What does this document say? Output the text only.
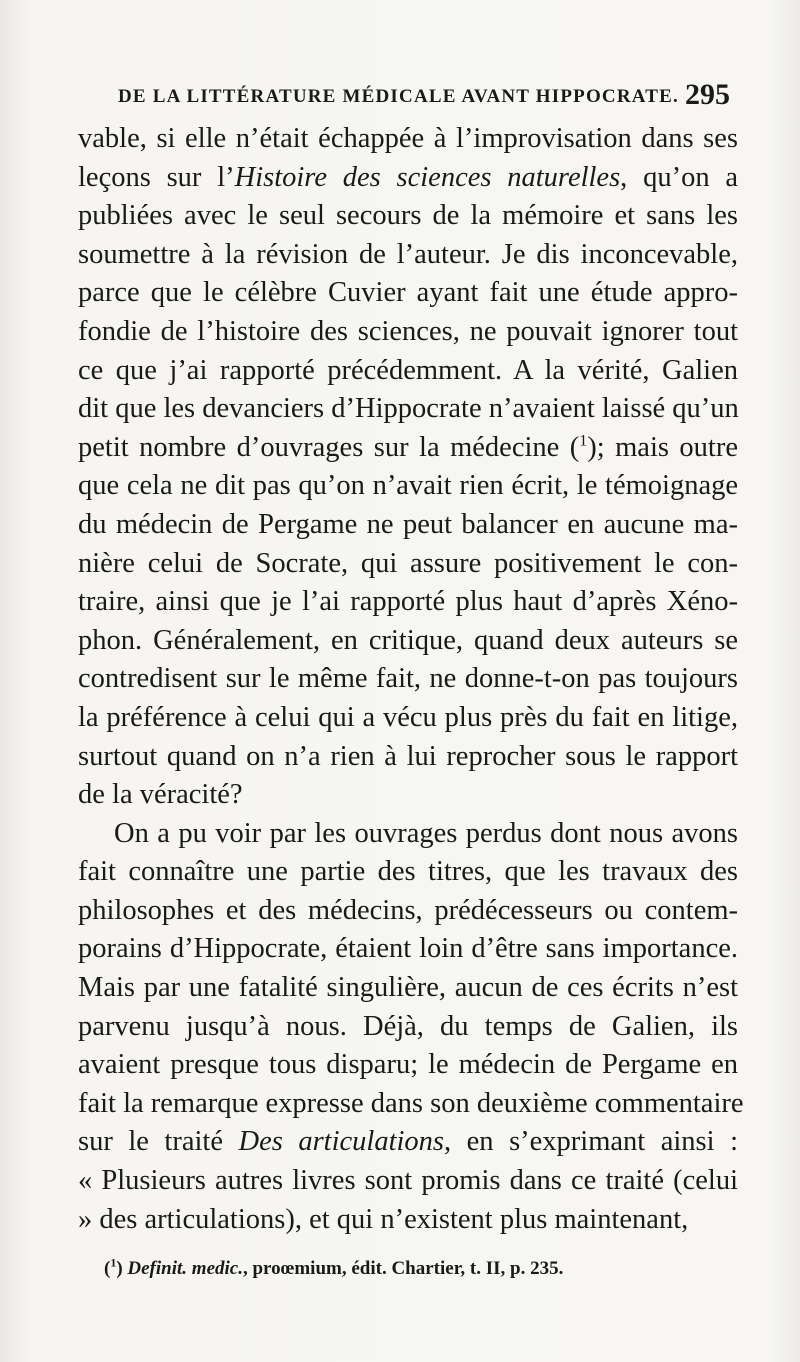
DE LA LITTÉRATURE MÉDICALE AVANT HIPPOCRATE. 295
vable, si elle n’était échappée à l’improvisation dans ses
leçons sur l’Histoire des sciences naturelles, qu’on a
publiées avec le seul secours de la mémoire et sans les
soumettre à la révision de l’auteur. Je dis inconcevable,
parce que le célèbre Cuvier ayant fait une étude appro-
fondie de l’histoire des sciences, ne pouvait ignorer tout
ce que j’ai rapporté précédemment. A la vérité, Galien
dit que les devanciers d’Hippocrate n’avaient laissé qu’un
petit nombre d’ouvrages sur la médecine ($^1$); mais outre
que cela ne dit pas qu’on n’avait rien écrit, le témoignage
du médecin de Pergame ne peut balancer en aucune ma-
nière celui de Socrate, qui assure positivement le con-
traire, ainsi que je l’ai rapporté plus haut d’après Xéno-
phon. Généralement, en critique, quand deux auteurs se
contredisent sur le même fait, ne donne-t-on pas toujours
la préférence à celui qui a vécu plus près du fait en litige,
surtout quand on n’a rien à lui reprocher sous le rapport
de la véracité?
On a pu voir par les ouvrages perdus dont nous avons
fait connaître une partie des titres, que les travaux des
philosophes et des médecins, prédécesseurs ou contem-
porains d’Hippocrate, étaient loin d’être sans importance.
Mais par une fatalité singulière, aucun de ces écrits n’est
parvenu jusqu’à nous. Déjà, du temps de Galien, ils
avaient presque tous disparu; le médecin de Pergame en
fait la remarque expresse dans son deuxième commentaire
sur le traité Des articulations, en s’exprimant ainsi :
« Plusieurs autres livres sont promis dans ce traité (celui
» des articulations), et qui n’existent plus maintenant,
($^1$) Definit. medic., proœmium, édit. Chartier, t. II, p. 235.
